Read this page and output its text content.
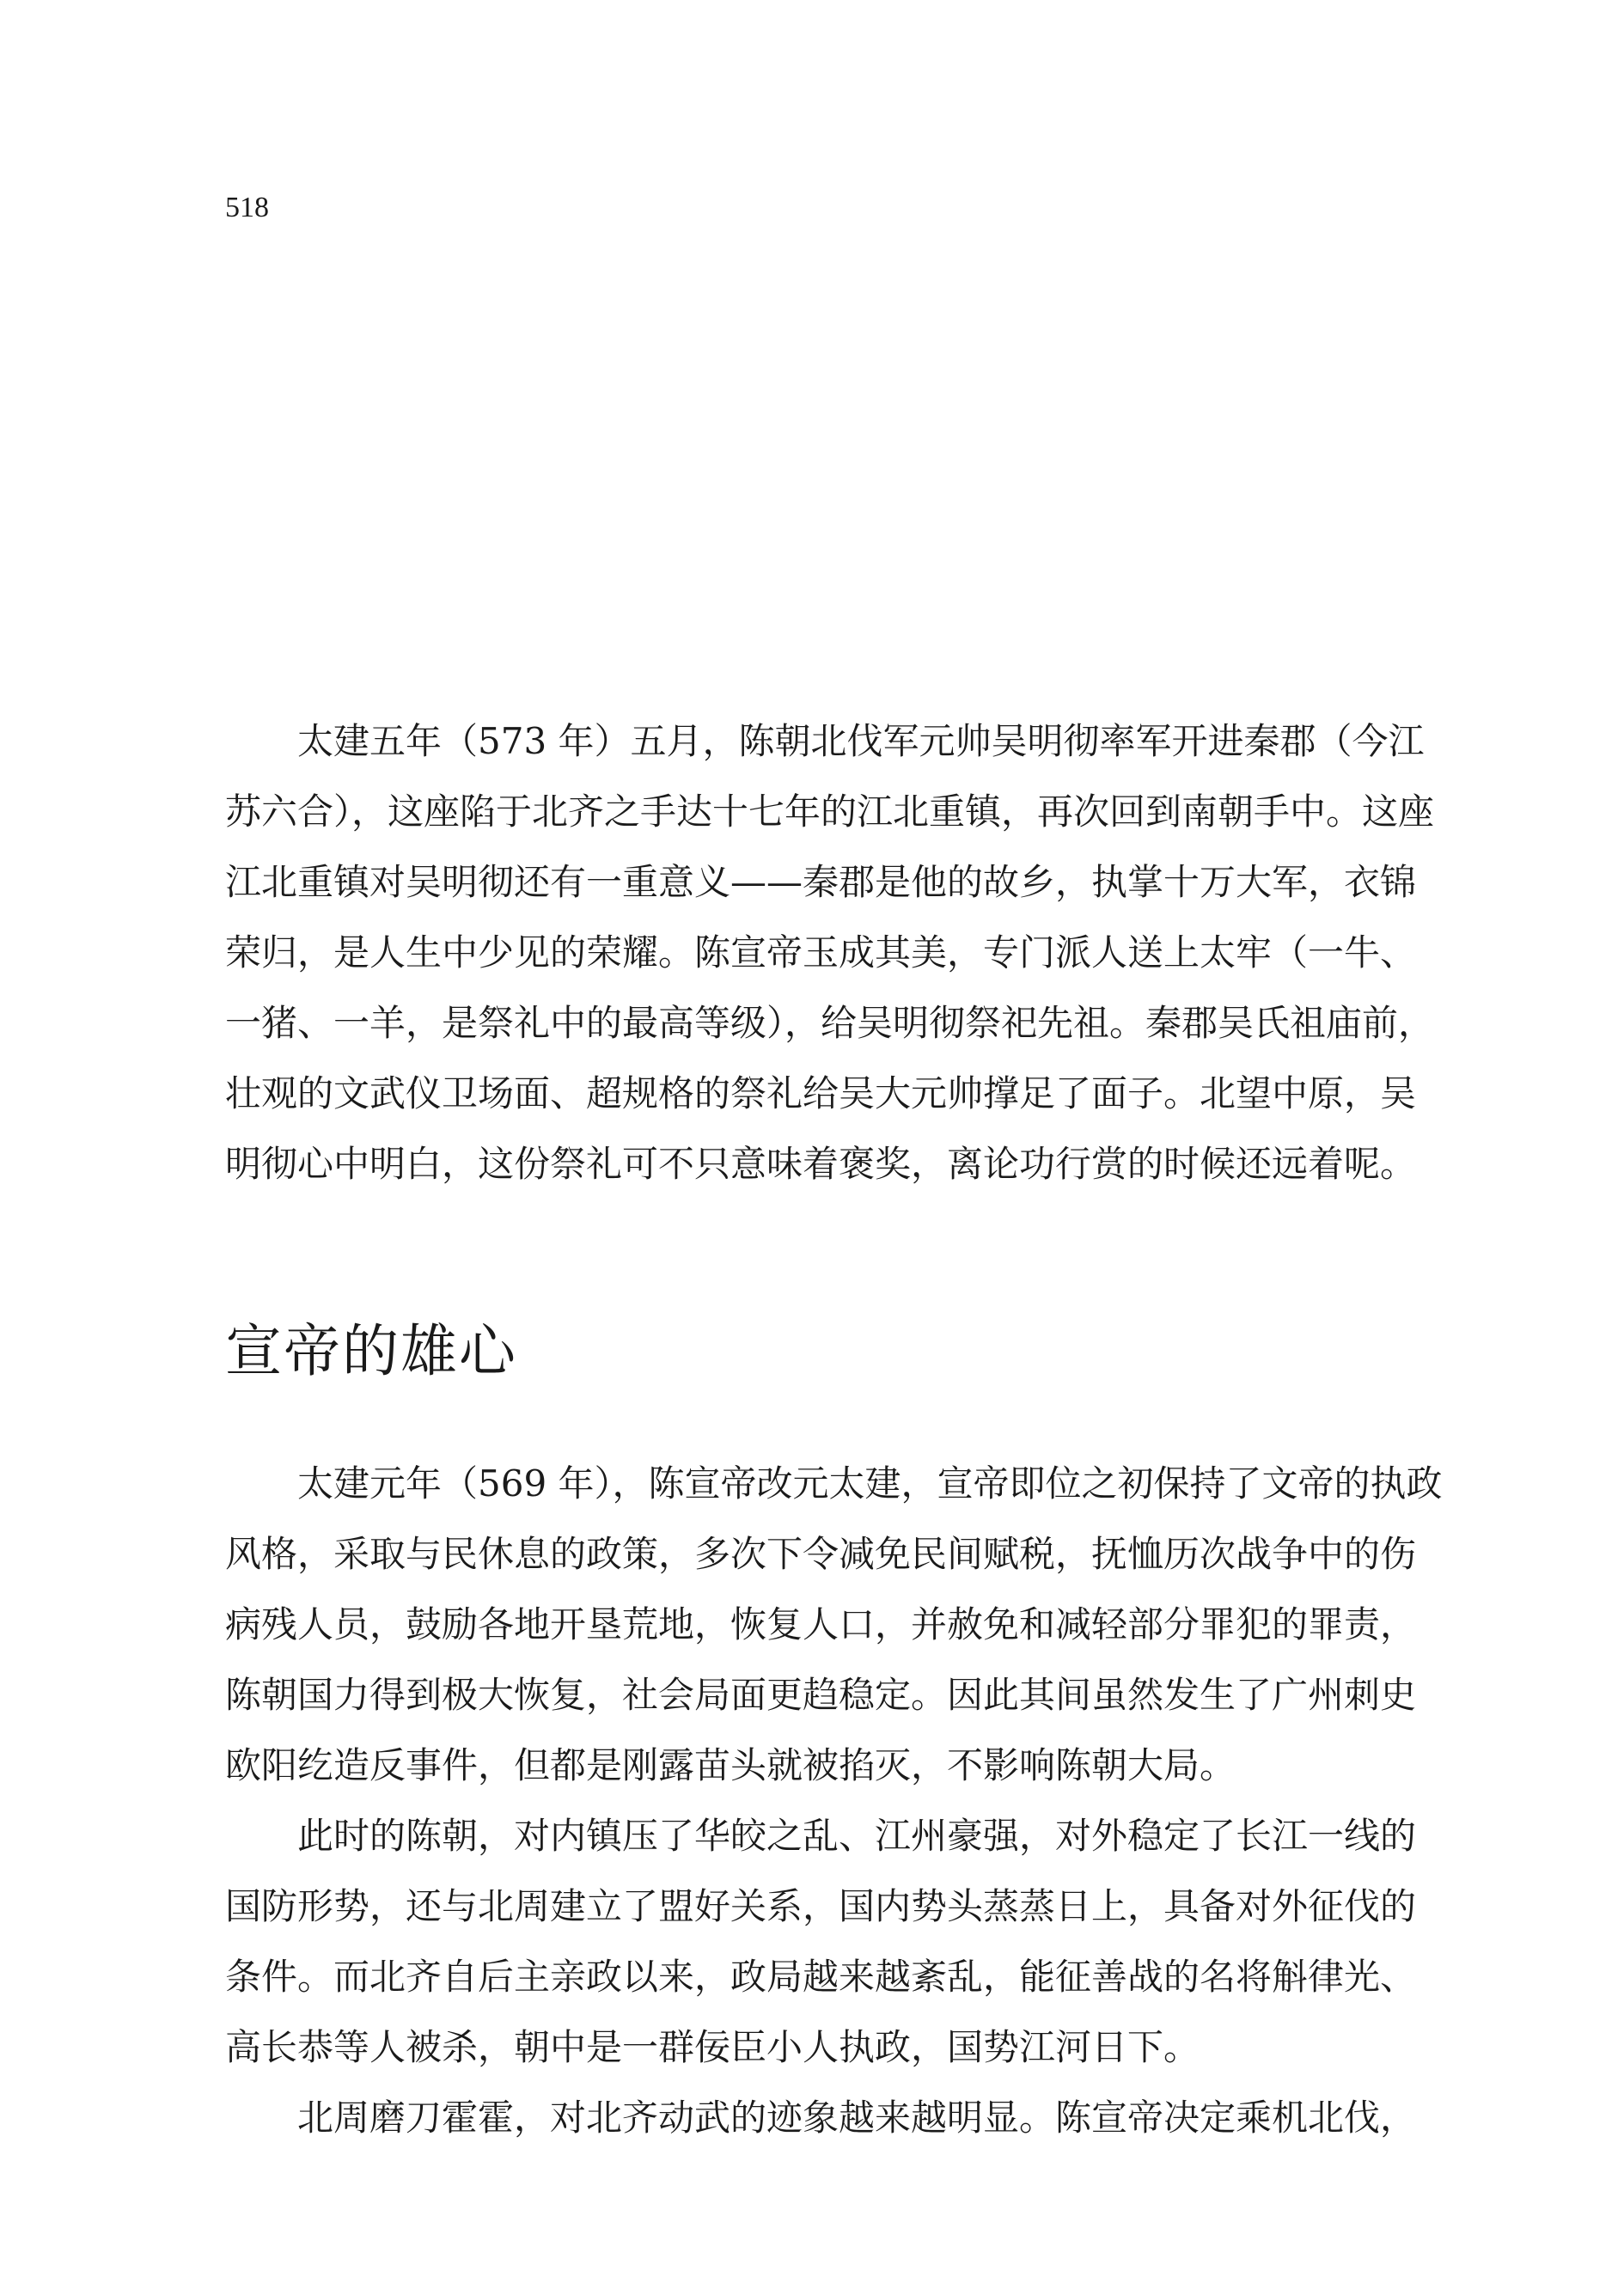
518

太建五年（573 年）五月，陈朝北伐军元帅吴明彻率军开进秦郡（今江
苏六合），这座陷于北齐之手达十七年的江北重镇，再次回到南朝手中。这座
江北重镇对吴明彻还有一重意义——秦郡是他的故乡，执掌十万大军，衣锦
荣归，是人生中少见的荣耀。陈宣帝玉成其美，专门派人送上太牢（一牛、
一猪、一羊，是祭礼中的最高等级），给吴明彻祭祀先祖。秦郡吴氏祖庙前，
壮观的文武仪卫场面、超规格的祭礼给吴大元帅撑足了面子。北望中原，吴
明彻心中明白，这份祭礼可不只意味着褒奖，离论功行赏的时候还远着呢。

宣帝的雄心

太建元年（569 年），陈宣帝改元太建，宣帝即位之初保持了文帝的执政
风格，采取与民休息的政策，多次下令减免民间赋税，抚恤历次战争中的伤
病残人员，鼓励各地开垦荒地，恢复人口，并赦免和减轻部分罪犯的罪责，
陈朝国力得到极大恢复，社会局面更趋稳定。因此其间虽然发生了广州刺史
欧阳纥造反事件，但都是刚露苗头就被掐灭，不影响陈朝大局。

此时的陈朝，对内镇压了华皎之乱、江州豪强，对外稳定了长江一线的
国防形势，还与北周建立了盟好关系，国内势头蒸蒸日上，具备对外征伐的
条件。而北齐自后主亲政以来，政局越来越紊乱，能征善战的名将斛律光、
高长恭等人被杀，朝中是一群佞臣小人执政，国势江河日下。

北周磨刀霍霍，对北齐动武的迹象越来越明显。陈宣帝决定乘机北伐，
